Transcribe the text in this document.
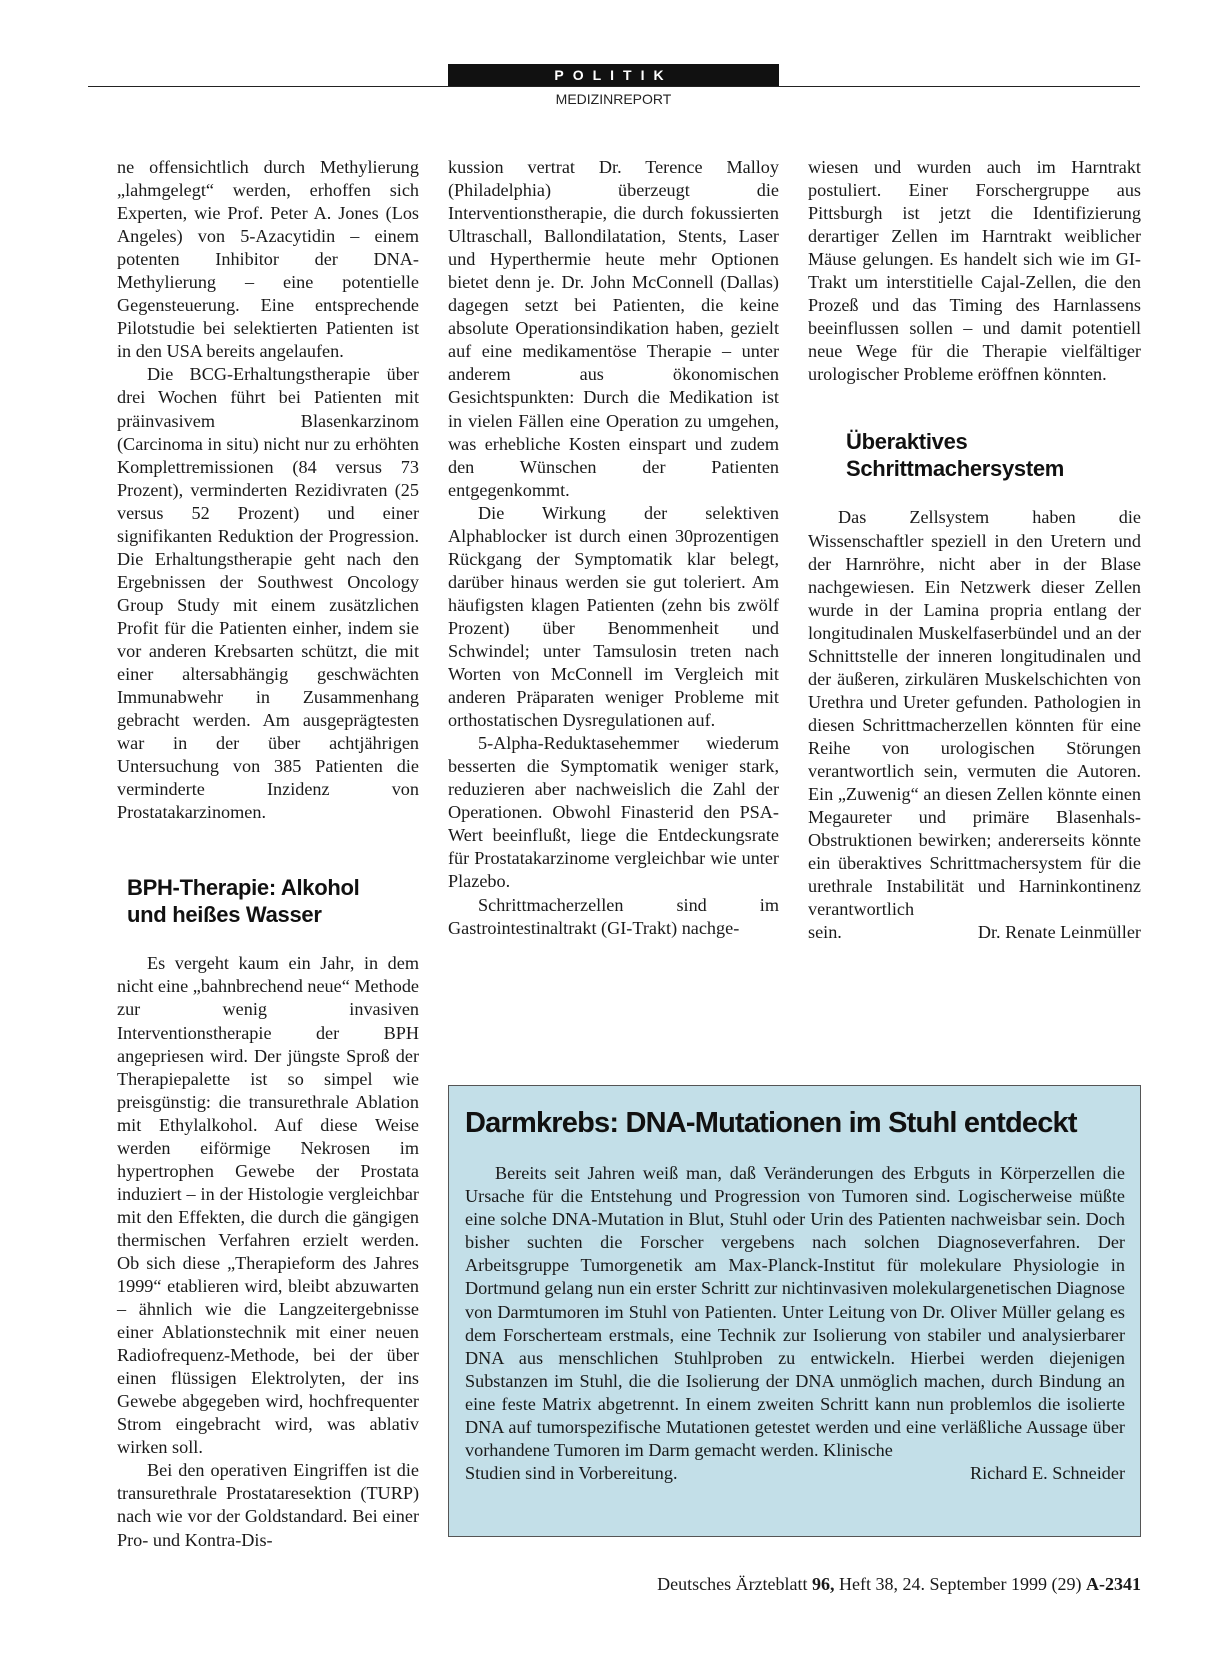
POLITIK
MEDIZINREPORT

ne offensichtlich durch Methylierung „lahmgelegt“ werden, erhoffen sich Experten, wie Prof. Peter A. Jones (Los Angeles) von 5-Azacytidin – einem potenten Inhibitor der DNA-Methylierung – eine potentielle Gegensteuerung. Eine entsprechende Pilotstudie bei selektierten Patienten ist in den USA bereits angelaufen.

Die BCG-Erhaltungstherapie über drei Wochen führt bei Patienten mit präinvasivem Blasenkarzinom (Carcinoma in situ) nicht nur zu erhöhten Komplettremissionen (84 versus 73 Prozent), verminderten Rezidivraten (25 versus 52 Prozent) und einer signifikanten Reduktion der Progression. Die Erhaltungstherapie geht nach den Ergebnissen der Southwest Oncology Group Study mit einem zusätzlichen Profit für die Patienten einher, indem sie vor anderen Krebsarten schützt, die mit einer altersabhängig geschwächten Immunabwehr in Zusammenhang gebracht werden. Am ausgeprägtesten war in der über achtjährigen Untersuchung von 385 Patienten die verminderte Inzidenz von Prostatakarzinomen.

BPH-Therapie: Alkohol
und heißes Wasser

Es vergeht kaum ein Jahr, in dem nicht eine „bahnbrechend neue“ Methode zur wenig invasiven Interventionstherapie der BPH angepriesen wird. Der jüngste Sproß der Therapiepalette ist so simpel wie preisgünstig: die transurethrale Ablation mit Ethylalkohol. Auf diese Weise werden eiförmige Nekrosen im hypertrophen Gewebe der Prostata induziert – in der Histologie vergleichbar mit den Effekten, die durch die gängigen thermischen Verfahren erzielt werden. Ob sich diese „Therapieform des Jahres 1999“ etablieren wird, bleibt abzuwarten – ähnlich wie die Langzeitergebnisse einer Ablationstechnik mit einer neuen Radiofrequenz-Methode, bei der über einen flüssigen Elektrolyten, der ins Gewebe abgegeben wird, hochfrequenter Strom eingebracht wird, was ablativ wirken soll.

Bei den operativen Eingriffen ist die transurethrale Prostataresektion (TURP) nach wie vor der Goldstandard. Bei einer Pro- und Kontra-Dis-

kussion vertrat Dr. Terence Malloy (Philadelphia) überzeugt die Interventionstherapie, die durch fokussierten Ultraschall, Ballondilatation, Stents, Laser und Hyperthermie heute mehr Optionen bietet denn je. Dr. John McConnell (Dallas) dagegen setzt bei Patienten, die keine absolute Operationsindikation haben, gezielt auf eine medikamentöse Therapie – unter anderem aus ökonomischen Gesichtspunkten: Durch die Medikation ist in vielen Fällen eine Operation zu umgehen, was erhebliche Kosten einspart und zudem den Wünschen der Patienten entgegenkommt.

Die Wirkung der selektiven Alphablocker ist durch einen 30prozentigen Rückgang der Symptomatik klar belegt, darüber hinaus werden sie gut toleriert. Am häufigsten klagen Patienten (zehn bis zwölf Prozent) über Benommenheit und Schwindel; unter Tamsulosin treten nach Worten von McConnell im Vergleich mit anderen Präparaten weniger Probleme mit orthostatischen Dysregulationen auf.

5-Alpha-Reduktasehemmer wiederum besserten die Symptomatik weniger stark, reduzieren aber nachweislich die Zahl der Operationen. Obwohl Finasterid den PSA-Wert beeinflußt, liege die Entdeckungsrate für Prostatakarzinome vergleichbar wie unter Plazebo.

Schrittmacherzellen sind im Gastrointestinaltrakt (GI-Trakt) nachge-

wiesen und wurden auch im Harntrakt postuliert. Einer Forschergruppe aus Pittsburgh ist jetzt die Identifizierung derartiger Zellen im Harntrakt weiblicher Mäuse gelungen. Es handelt sich wie im GI-Trakt um interstitielle Cajal-Zellen, die den Prozeß und das Timing des Harnlassens beeinflussen sollen – und damit potentiell neue Wege für die Therapie vielfältiger urologischer Probleme eröffnen könnten.

Überaktives
Schrittmachersystem

Das Zellsystem haben die Wissenschaftler speziell in den Uretern und der Harnröhre, nicht aber in der Blase nachgewiesen. Ein Netzwerk dieser Zellen wurde in der Lamina propria entlang der longitudinalen Muskelfaserbündel und an der Schnittstelle der inneren longitudinalen und der äußeren, zirkulären Muskelschichten von Urethra und Ureter gefunden. Pathologien in diesen Schrittmacherzellen könnten für eine Reihe von urologischen Störungen verantwortlich sein, vermuten die Autoren. Ein „Zuwenig“ an diesen Zellen könnte einen Megaureter und primäre Blasenhals-Obstruktionen bewirken; andererseits könnte ein überaktives Schrittmachersystem für die urethrale Instabilität und Harninkontinenz verantwortlich

sein.	Dr. Renate Leinmüller
Darmkrebs: DNA-Mutationen im Stuhl entdeckt

Bereits seit Jahren weiß man, daß Veränderungen des Erbguts in Körperzellen die Ursache für die Entstehung und Progression von Tumoren sind. Logischerweise müßte eine solche DNA-Mutation in Blut, Stuhl oder Urin des Patienten nachweisbar sein. Doch bisher suchten die Forscher vergebens nach solchen Diagnoseverfahren. Der Arbeitsgruppe Tumorgenetik am Max-Planck-Institut für molekulare Physiologie in Dortmund gelang nun ein erster Schritt zur nichtinvasiven molekulargenetischen Diagnose von Darmtumoren im Stuhl von Patienten. Unter Leitung von Dr. Oliver Müller gelang es dem Forscherteam erstmals, eine Technik zur Isolierung von stabiler und analysierbarer DNA aus menschlichen Stuhlproben zu entwickeln. Hierbei werden diejenigen Substanzen im Stuhl, die die Isolierung der DNA unmöglich machen, durch Bindung an eine feste Matrix abgetrennt. In einem zweiten Schritt kann nun problemlos die isolierte DNA auf tumorspezifische Mutationen getestet werden und eine verläßliche Aussage über vorhandene Tumoren im Darm gemacht werden. Klinische

Studien sind in Vorbereitung.	Richard E. Schneider
Deutsches Ärzteblatt 96, Heft 38, 24. September 1999 (29) A-2341
